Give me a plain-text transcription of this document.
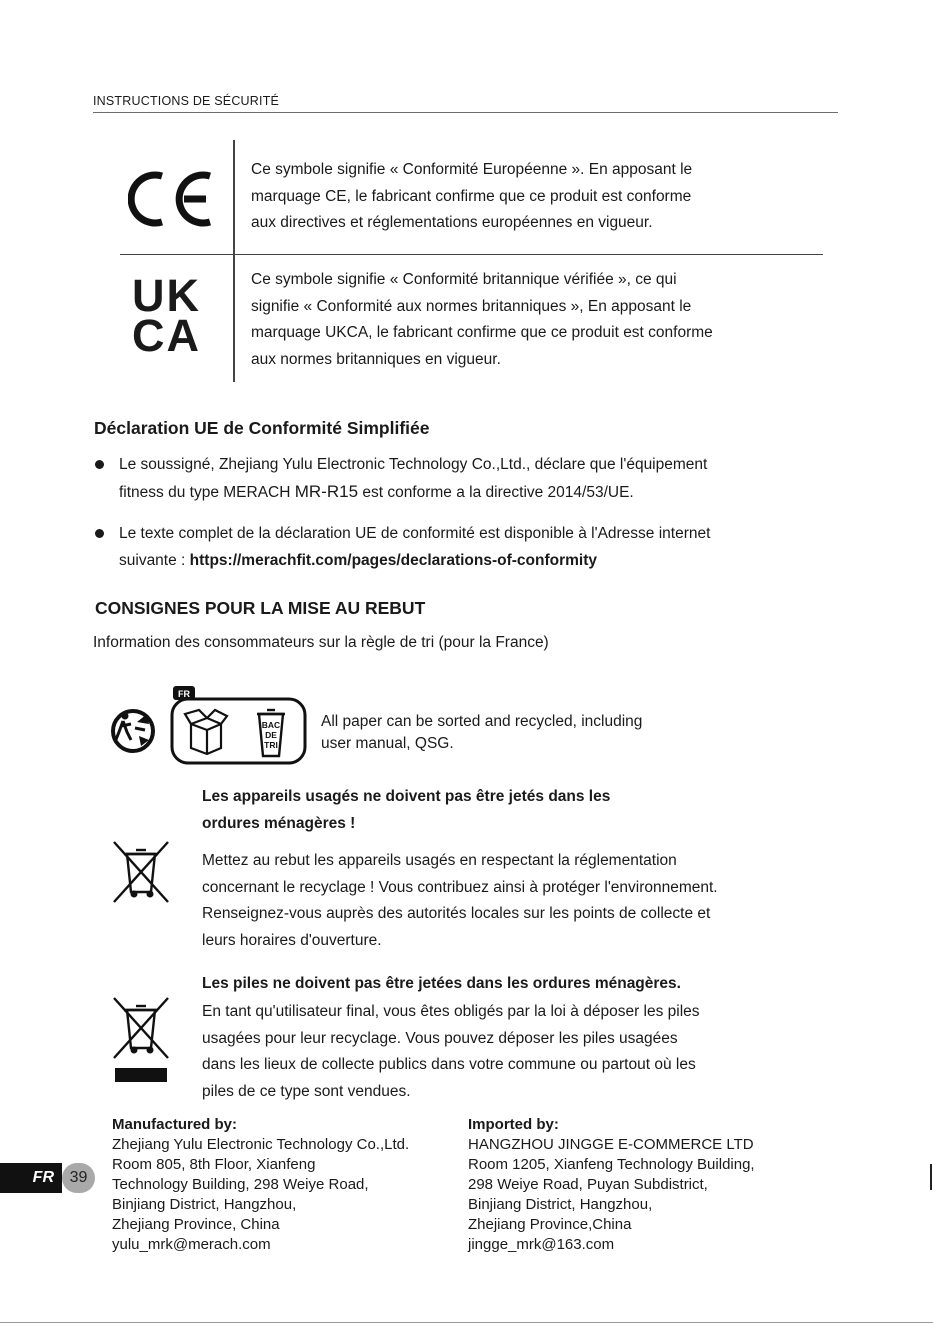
INSTRUCTIONS DE SÉCURITÉ
Ce symbole signifie « Conformité Européenne ». En apposant le
marquage CE, le fabricant confirme que ce produit est conforme
aux directives et réglementations européennes en vigueur.
UK
CA
Ce symbole signifie « Conformité britannique vérifiée », ce qui
signifie « Conformité aux normes britanniques », En apposant le
marquage UKCA, le fabricant confirme que ce produit est conforme
aux normes britanniques en vigueur.
Déclaration UE de Conformité Simplifiée
Le soussigné, Zhejiang Yulu Electronic Technology Co.,Ltd., déclare que l'équipement
fitness du type MERACH MR-R15 est conforme a la directive 2014/53/UE.
Le texte complet de la déclaration UE de conformité est disponible à l'Adresse internet
suivante : https://merachfit.com/pages/declarations-of-conformity
CONSIGNES POUR LA MISE AU REBUT
Information des consommateurs sur la règle de tri (pour la France)
FR
BAC
DE
TRI
All paper can be sorted and recycled, including
user manual, QSG.
Les appareils usagés ne doivent pas être jetés dans les
ordures ménagères !
Mettez au rebut les appareils usagés en respectant la réglementation
concernant le recyclage ! Vous contribuez ainsi à protéger l'environnement.
Renseignez-vous auprès des autorités locales sur les points de collecte et
leurs horaires d'ouverture.
Les piles ne doivent pas être jetées dans les ordures ménagères.
En tant qu'utilisateur final, vous êtes obligés par la loi à déposer les piles
usagées pour leur recyclage. Vous pouvez déposer les piles usagées
dans les lieux de collecte publics dans votre commune ou partout où les
piles de ce type sont vendues.
Manufactured by:
Zhejiang Yulu Electronic Technology Co.,Ltd.
Room 805, 8th Floor, Xianfeng
Technology Building, 298 Weiye Road,
Binjiang District, Hangzhou,
Zhejiang Province, China
yulu_mrk@merach.com
Imported by:
HANGZHOU JINGGE E-COMMERCE LTD
Room 1205, Xianfeng Technology Building,
298 Weiye Road, Puyan Subdistrict,
Binjiang District, Hangzhou,
Zhejiang Province,China
jingge_mrk@163.com
FR 39
